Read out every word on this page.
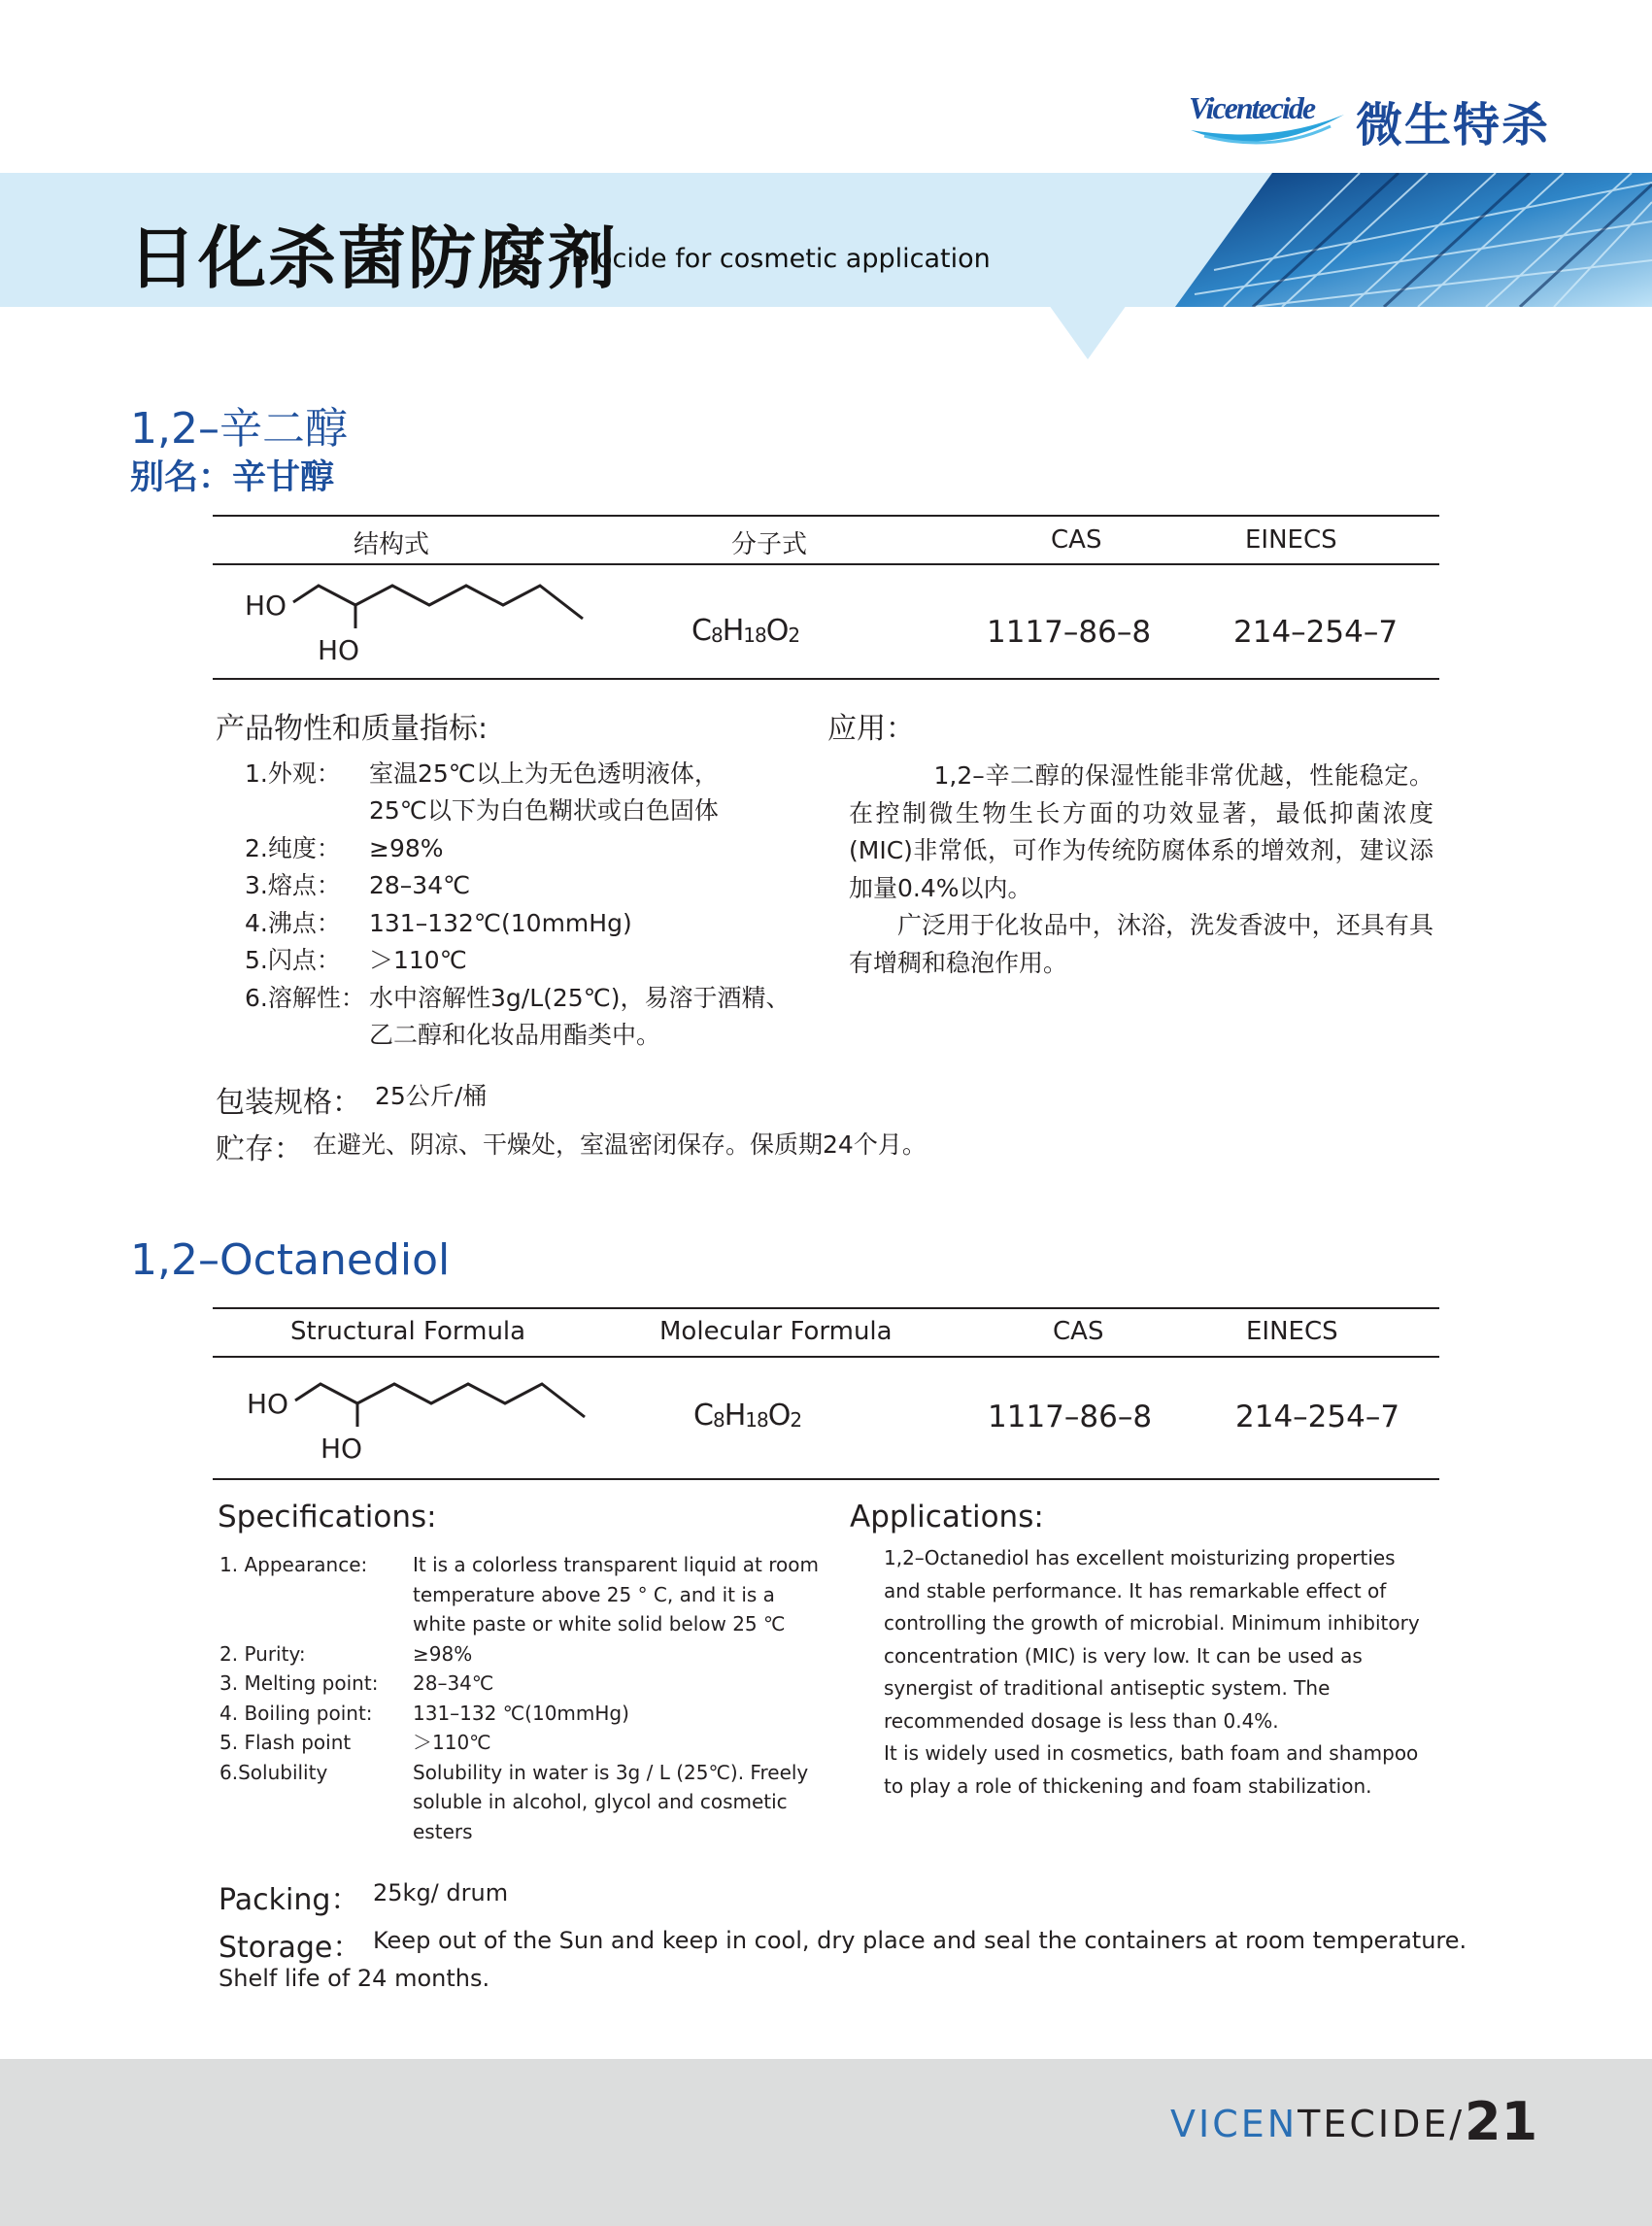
Vicentecide 微生特杀
日化杀菌防腐剂
Biocide for cosmetic application
1,2–辛二醇
别名：辛甘醇
结构式	分子式	CAS	EINECS
HO
HO
$C_8H_{18}O_2$	1117–86–8	214–254–7
产品物性和质量指标:
1.外观： 室温25℃以上为无色透明液体，
25℃以下为白色糊状或白色固体
2.纯度： ≥98%
3.熔点： 28–34℃
4.沸点： 131–132℃(10mmHg)
5.闪点： ＞110℃
6.溶解性： 水中溶解性3g/L(25℃)，易溶于酒精、
乙二醇和化妆品用酯类中。
应用：

1,2–辛二醇的保湿性能非常优越，性能稳定。在控制微生物生长方面的功效显著，最低抑菌浓度(MIC)非常低，可作为传统防腐体系的增效剂，建议添加量0.4%以内。

广泛用于化妆品中，沐浴，洗发香波中，还具有具有增稠和稳泡作用。

包装规格： 25公斤/桶
贮存： 在避光、阴凉、干燥处，室温密闭保存。保质期24个月。
1,2–Octanediol
Structural Formula	Molecular Formula	CAS	EINECS
HO
HO
$C_8H_{18}O_2$	1117–86–8	214–254–7
Specifications:
1. Appearance: It is a colorless transparent liquid at room
temperature above 25 ° C, and it is a
white paste or white solid below 25 ℃
2. Purity:	≥98%
3. Melting point: 28–34℃
4. Boiling point: 131–132 ℃(10mmHg)
5. Flash point	＞110℃
6.Solubility	Solubility in water is 3g / L (25℃). Freely
soluble in alcohol, glycol and cosmetic
esters
Applications:

1,2–Octanediol has excellent moisturizing properties and stable performance. It has remarkable effect of controlling the growth of microbial. Minimum inhibitory concentration (MIC) is very low. It can be used as synergist of traditional antiseptic system. The recommended dosage is less than 0.4%.

It is widely used in cosmetics, bath foam and shampoo to play a role of thickening and foam stabilization.

Packing： 25kg/ drum
Storage： Keep out of the Sun and keep in cool, dry place and seal the containers at room temperature.
Shelf life of 24 months.
VICENTECIDE/ 21
